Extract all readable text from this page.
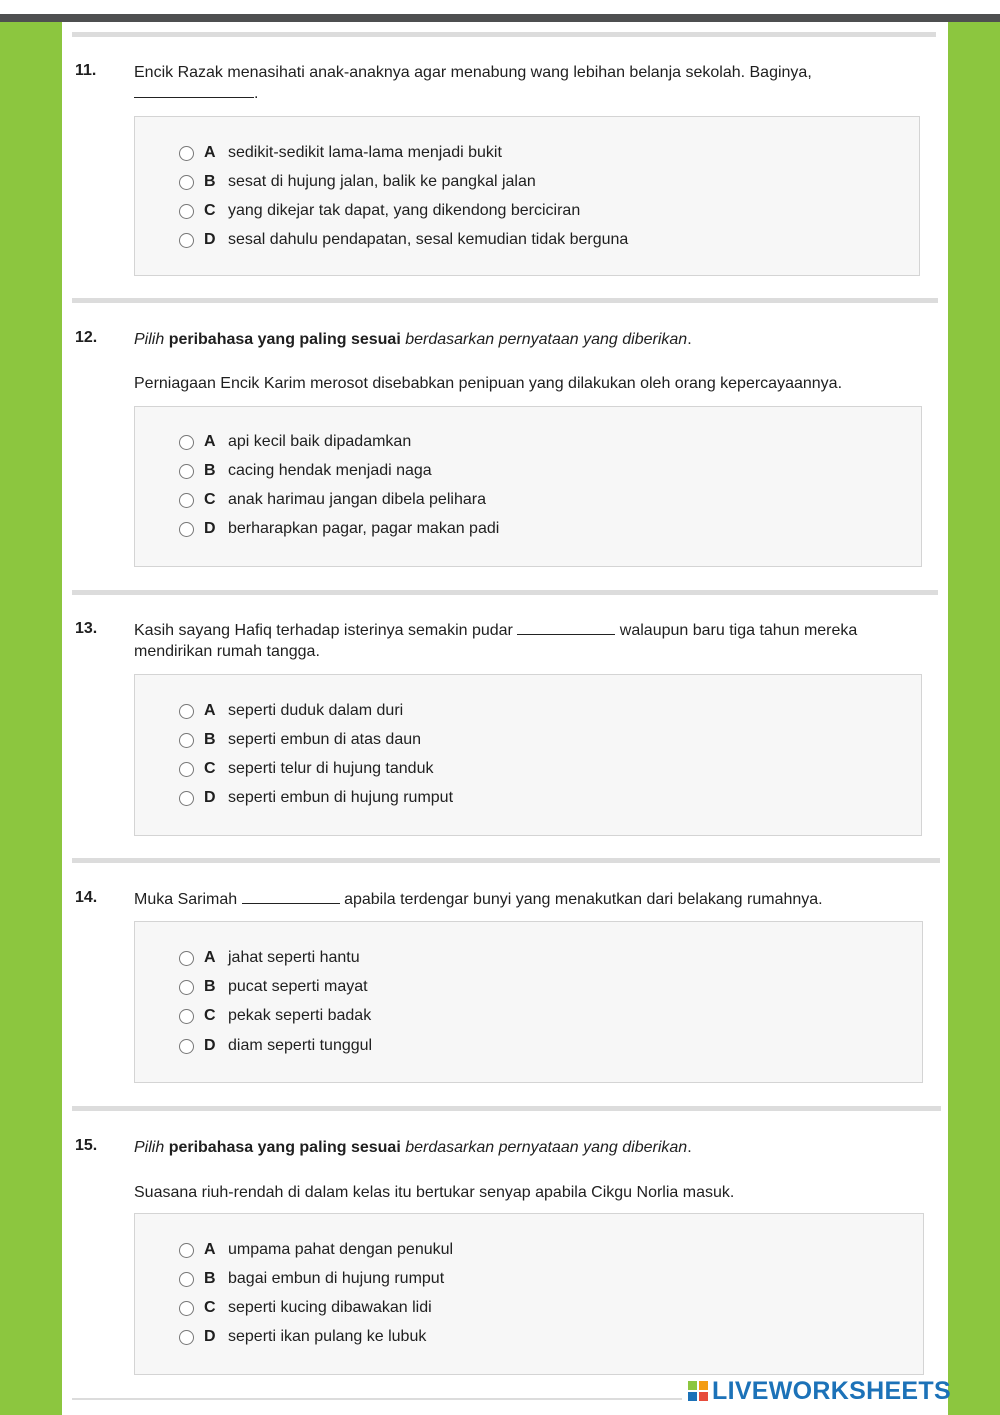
11. Encik Razak menasihati anak-anaknya agar menabung wang lebihan belanja sekolah. Baginya,
.
A sedikit-sedikit lama-lama menjadi bukit
B sesat di hujung jalan, balik ke pangkal jalan
C yang dikejar tak dapat, yang dikendong berciciran
D sesal dahulu pendapatan, sesal kemudian tidak berguna
12. Pilih peribahasa yang paling sesuai berdasarkan pernyataan yang diberikan.
Perniagaan Encik Karim merosot disebabkan penipuan yang dilakukan oleh orang kepercayaannya.
A api kecil baik dipadamkan
B cacing hendak menjadi naga
C anak harimau jangan dibela pelihara
D berharapkan pagar, pagar makan padi
13. Kasih sayang Hafiq terhadap isterinya semakin pudar	walaupun baru tiga tahun mereka mendirikan rumah tangga.
A seperti duduk dalam duri
B seperti embun di atas daun
C seperti telur di hujung tanduk
D seperti embun di hujung rumput
14. Muka Sarimah	apabila terdengar bunyi yang menakutkan dari belakang rumahnya.
A jahat seperti hantu
B pucat seperti mayat
C pekak seperti badak
D diam seperti tunggul
15. Pilih peribahasa yang paling sesuai berdasarkan pernyataan yang diberikan.
Suasana riuh-rendah di dalam kelas itu bertukar senyap apabila Cikgu Norlia masuk.
A umpama pahat dengan penukul
B bagai embun di hujung rumput
C seperti kucing dibawakan lidi
D seperti ikan pulang ke lubuk
LIVEWORKSHEETS
